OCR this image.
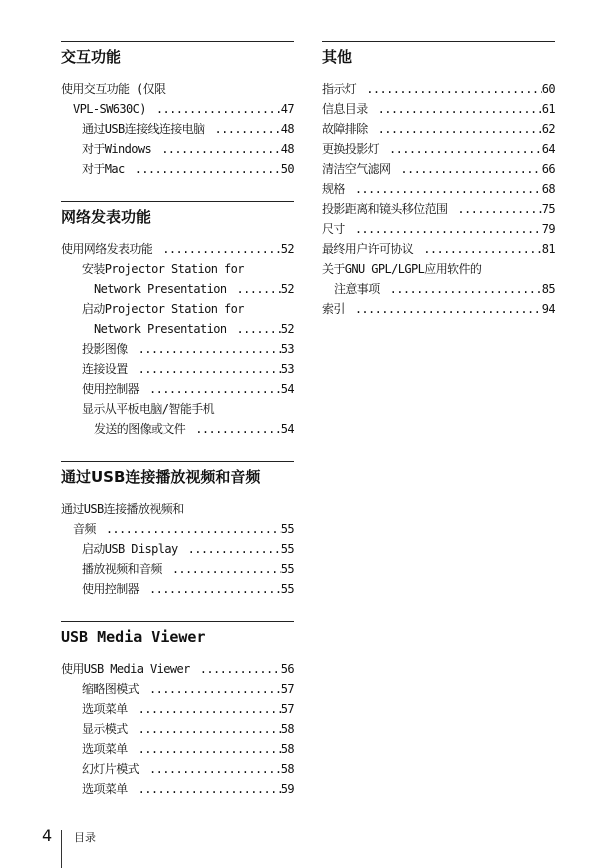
交互功能
使用交互功能 (仅限
VPL-SW630C) .....	47
通过USB连接线连接电脑 .....	48
对于Windows .....	48
对于Mac .....	50
网络发表功能
使用网络发表功能 .....	52
安装Projector Station for
Network Presentation .....	52
启动Projector Station for
Network Presentation .....	52
投影图像 .....	53
连接设置 .....	53
使用控制器 .....	54
显示从平板电脑/智能手机
发送的图像或文件 .....	54
通过USB连接播放视频和音频
通过USB连接播放视频和
音频 .....	55
启动USB Display .....	55
播放视频和音频 .....	55
使用控制器 .....	55
USB Media Viewer
使用USB Media Viewer .....	56
缩略图模式 .....	57
选项菜单 .....	57
显示模式 .....	58
选项菜单 .....	58
幻灯片模式 .....	58
选项菜单 .....	59
其他
指示灯 .....	60
信息目录 .....	61
故障排除 .....	62
更换投影灯 .....	64
清洁空气滤网 .....	66
规格 .....	68
投影距离和镜头移位范围 .....	75
尺寸 .....	79
最终用户许可协议 .....	81
关于GNU GPL/LGPL应用软件的
注意事项 .....	85
索引 .....	94
4 目录
